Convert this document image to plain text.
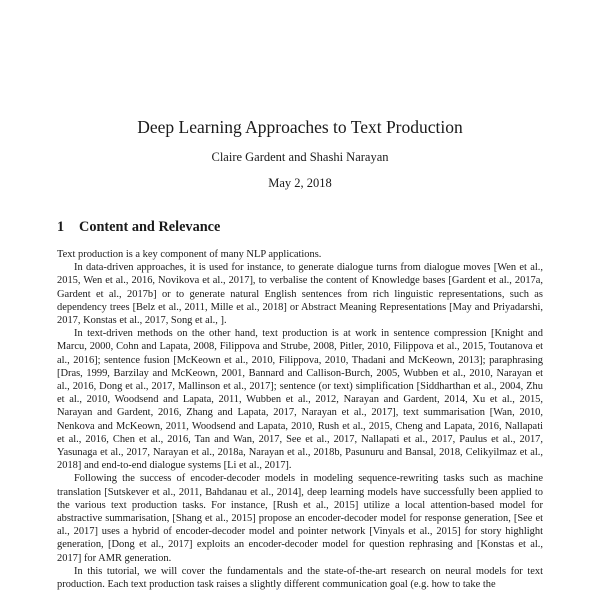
Deep Learning Approaches to Text Production
Claire Gardent and Shashi Narayan
May 2, 2018
1 Content and Relevance

Text production is a key component of many NLP applications.

In data-driven approaches, it is used for instance, to generate dialogue turns from dialogue moves [Wen et al., 2015, Wen et al., 2016, Novikova et al., 2017], to verbalise the content of Knowledge bases [Gardent et al., 2017a, Gardent et al., 2017b] or to generate natural English sentences from rich linguistic representations, such as dependency trees [Belz et al., 2011, Mille et al., 2018] or Abstract Meaning Representations [May and Priyadarshi, 2017, Konstas et al., 2017, Song et al., ].

In text-driven methods on the other hand, text production is at work in sentence compression [Knight and Marcu, 2000, Cohn and Lapata, 2008, Filippova and Strube, 2008, Pitler, 2010, Filippova et al., 2015, Toutanova et al., 2016]; sentence fusion [McKeown et al., 2010, Filippova, 2010, Thadani and McKeown, 2013]; paraphrasing [Dras, 1999, Barzilay and McKeown, 2001, Bannard and Callison-Burch, 2005, Wubben et al., 2010, Narayan et al., 2016, Dong et al., 2017, Mallinson et al., 2017]; sentence (or text) simplification [Siddharthan et al., 2004, Zhu et al., 2010, Woodsend and Lapata, 2011, Wubben et al., 2012, Narayan and Gardent, 2014, Xu et al., 2015, Narayan and Gardent, 2016, Zhang and Lapata, 2017, Narayan et al., 2017], text summarisation [Wan, 2010, Nenkova and McKeown, 2011, Woodsend and Lapata, 2010, Rush et al., 2015, Cheng and Lapata, 2016, Nallapati et al., 2016, Chen et al., 2016, Tan and Wan, 2017, See et al., 2017, Nallapati et al., 2017, Paulus et al., 2017, Yasunaga et al., 2017, Narayan et al., 2018a, Narayan et al., 2018b, Pasunuru and Bansal, 2018, Celikyilmaz et al., 2018] and end-to-end dialogue systems [Li et al., 2017].

Following the success of encoder-decoder models in modeling sequence-rewriting tasks such as machine translation [Sutskever et al., 2011, Bahdanau et al., 2014], deep learning models have successfully been applied to the various text production tasks. For instance, [Rush et al., 2015] utilize a local attention-based model for abstractive summarisation, [Shang et al., 2015] propose an encoder-decoder model for response generation, [See et al., 2017] uses a hybrid of encoder-decoder model and pointer network [Vinyals et al., 2015] for story highlight generation, [Dong et al., 2017] exploits an encoder-decoder model for question rephrasing and [Konstas et al., 2017] for AMR generation.

In this tutorial, we will cover the fundamentals and the state-of-the-art research on neural models for text production. Each text production task raises a slightly different communication goal (e.g. how to take the
